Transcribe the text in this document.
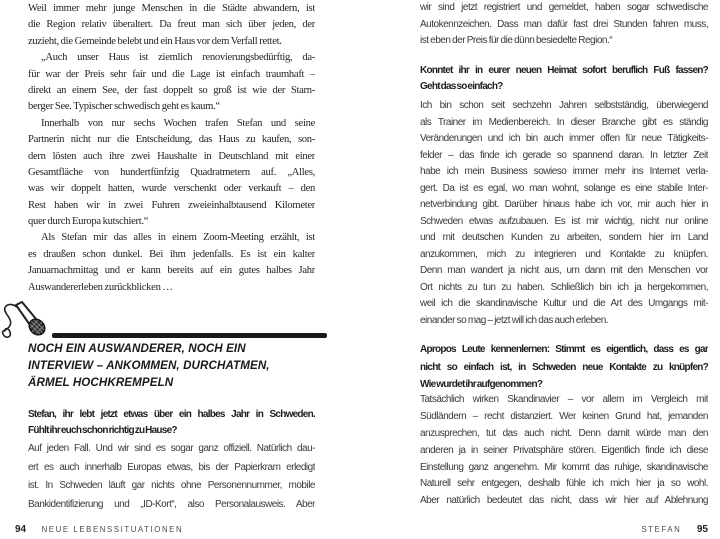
Weil immer mehr junge Menschen in die Städte abwandern, ist
die Region relativ überaltert. Da freut man sich über jeden, der
zuzieht, die Gemeinde belebt und ein Haus vor dem Verfall rettet.
„Auch unser Haus ist ziemlich renovierungsbedürftig, da-
für war der Preis sehr fair und die Lage ist einfach traumhaft –
direkt an einem See, der fast doppelt so groß ist wie der Starn-
berger See. Typischer schwedisch geht es kaum.“
Innerhalb von nur sechs Wochen trafen Stefan und seine
Partnerin nicht nur die Entscheidung, das Haus zu kaufen, son-
dern lösten auch ihre zwei Haushalte in Deutschland mit einer
Gesamtfläche von hundertfünfzig Quadratmetern auf. „Alles,
was wir doppelt hatten, wurde verschenkt oder verkauft – den
Rest haben wir in zwei Fuhren zweieinhalbtausend Kilometer
quer durch Europa kutschiert.“
Als Stefan mir das alles in einem Zoom-Meeting erzählt, ist
es draußen schon dunkel. Bei ihm jedenfalls. Es ist ein kalter
Januarnachmittag und er kann bereits auf ein gutes halbes Jahr
Auswandererleben zurückblicken …
NOCH EIN AUSWANDERER, NOCH EIN
INTERVIEW – ANKOMMEN, DURCHATMEN,
ÄRMEL HOCHKREMPELN
Stefan, ihr lebt jetzt etwas über ein halbes Jahr in Schweden.
Fühlt ihr euch schon richtig zu Hause?
Auf jeden Fall. Und wir sind es sogar ganz offiziell. Natürlich dau-
ert es auch innerhalb Europas etwas, bis der Papierkram erledigt
ist. In Schweden läuft gar nichts ohne Personennummer, mobile
Bankidentifizierung und „ID-Kort“, also Personalausweis. Aber
wir sind jetzt registriert und gemeldet, haben sogar schwedische
Autokennzeichen. Dass man dafür fast drei Stunden fahren muss,
ist eben der Preis für die dünn besiedelte Region.“
Konntet ihr in eurer neuen Heimat sofort beruflich Fuß fassen?
Geht das so einfach?
Ich bin schon seit sechzehn Jahren selbstständig, überwiegend
als Trainer im Medienbereich. In dieser Branche gibt es ständig
Veränderungen und ich bin auch immer offen für neue Tätigkeits-
felder – das finde ich gerade so spannend daran. In letzter Zeit
habe ich mein Business sowieso immer mehr ins Internet verla-
gert. Da ist es egal, wo man wohnt, solange es eine stabile Inter-
netverbindung gibt. Darüber hinaus habe ich vor, mir auch hier in
Schweden etwas aufzubauen. Es ist mir wichtig, nicht nur online
und mit deutschen Kunden zu arbeiten, sondern hier im Land
anzukommen, mich zu integrieren und Kontakte zu knüpfen.
Denn man wandert ja nicht aus, um dann mit den Menschen vor
Ort nichts zu tun zu haben. Schließlich bin ich ja hergekommen,
weil ich die skandinavische Kultur und die Art des Umgangs mit-
einander so mag – jetzt will ich das auch erleben.
Apropos Leute kennenlernen: Stimmt es eigentlich, dass es gar
nicht so einfach ist, in Schweden neue Kontakte zu knüpfen?
Wie wurdet ihr aufgenommen?
Tatsächlich wirken Skandinavier – vor allem im Vergleich mit
Südländern – recht distanziert. Wer keinen Grund hat, jemanden
anzusprechen, tut das auch nicht. Denn damit würde man den
anderen ja in seiner Privatsphäre stören. Eigentlich finde ich diese
Einstellung ganz angenehm. Mir kommt das ruhige, skandinavische
Naturell sehr entgegen, deshalb fühle ich mich hier ja so wohl.
Aber natürlich bedeutet das nicht, dass wir hier auf Ablehnung
94 NEUE LEBENSSITUATIONEN	STEFAN 95
